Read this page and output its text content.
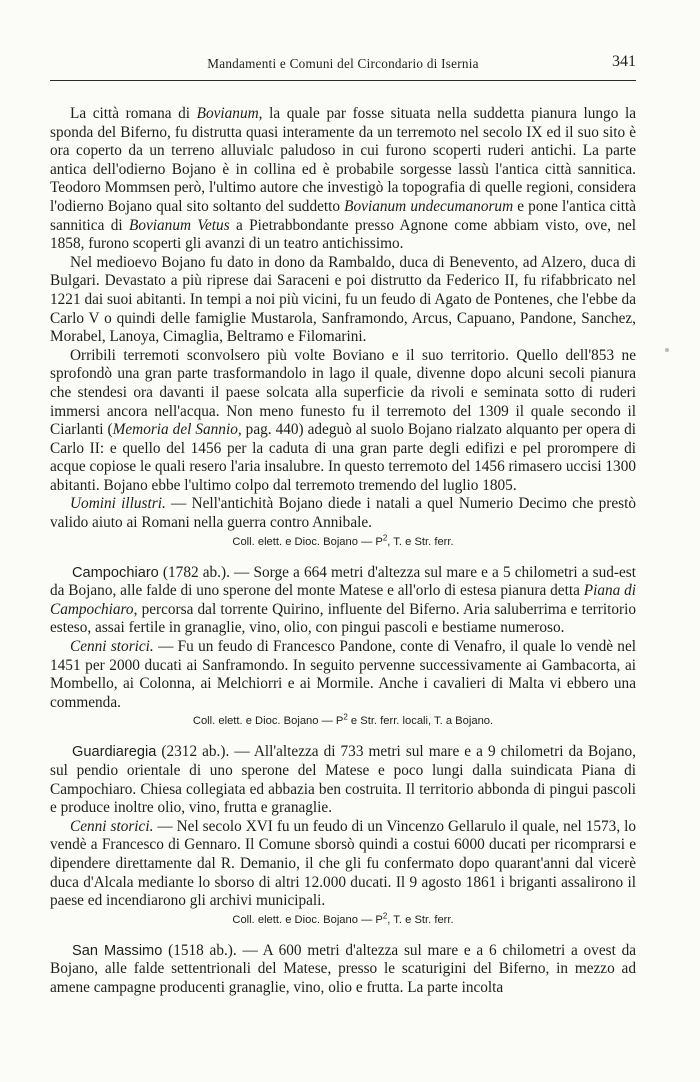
Mandamenti e Comuni del Circondario di Isernia	341

La città romana di Bovianum, la quale par fosse situata nella suddetta pianura lungo la sponda del Biferno, fu distrutta quasi interamente da un terremoto nel secolo IX ed il suo sito è ora coperto da un terreno alluvialc paludoso in cui furono scoperti ruderi antichi. La parte antica dell'odierno Bojano è in collina ed è probabile sorgesse lassù l'antica città sannitica. Teodoro Mommsen però, l'ultimo autore che investigò la topografia di quelle regioni, considera l'odierno Bojano qual sito soltanto del suddetto Bovianum undecumanorum e pone l'antica città sannitica di Bovianum Vetus a Pietrabbondante presso Agnone come abbiam visto, ove, nel 1858, furono scoperti gli avanzi di un teatro antichissimo.

Nel medioevo Bojano fu dato in dono da Rambaldo, duca di Benevento, ad Alzero, duca di Bulgari. Devastato a più riprese dai Saraceni e poi distrutto da Federico II, fu rifabbricato nel 1221 dai suoi abitanti. In tempi a noi più vicini, fu un feudo di Agato de Pontenes, che l'ebbe da Carlo V o quindi delle famiglie Mustarola, Sanframondo, Arcus, Capuano, Pandone, Sanchez, Morabel, Lanoya, Cimaglia, Beltramo e Filomarini.

Orribili terremoti sconvolsero più volte Boviano e il suo territorio. Quello dell'853 ne sprofondò una gran parte trasformandolo in lago il quale, divenne dopo alcuni secoli pianura che stendesi ora davanti il paese solcata alla superficie da rivoli e seminata sotto di ruderi immersi ancora nell'acqua. Non meno funesto fu il terremoto del 1309 il quale secondo il Ciarlanti (Memoria del Sannio, pag. 440) adeguò al suolo Bojano rialzato alquanto per opera di Carlo II: e quello del 1456 per la caduta di una gran parte degli edifizi e pel prorompere di acque copiose le quali resero l'aria insalubre. In questo terremoto del 1456 rimasero uccisi 1300 abitanti. Bojano ebbe l'ultimo colpo dal terremoto tremendo del luglio 1805.

Uomini illustri. — Nell'antichità Bojano diede i natali a quel Numerio Decimo che prestò valido aiuto ai Romani nella guerra contro Annibale.

Coll. elett. e Dioc. Bojano — $P^2$, T. e Str. ferr.

Campochiaro (1782 ab.). — Sorge a 664 metri d'altezza sul mare e a 5 chilometri a sud-est da Bojano, alle falde di uno sperone del monte Matese e all'orlo di estesa pianura detta Piana di Campochiaro, percorsa dal torrente Quirino, influente del Biferno. Aria saluberrima e territorio esteso, assai fertile in granaglie, vino, olio, con pingui pascoli e bestiame numeroso.

Cenni storici. — Fu un feudo di Francesco Pandone, conte di Venafro, il quale lo vendè nel 1451 per 2000 ducati ai Sanframondo. In seguito pervenne successivamente ai Gambacorta, ai Mombello, ai Colonna, ai Melchiorri e ai Mormile. Anche i cavalieri di Malta vi ebbero una commenda.

Coll. elett. e Dioc. Bojano — $P^2$ e Str. ferr. locali, T. a Bojano.

Guardiaregia (2312 ab.). — All'altezza di 733 metri sul mare e a 9 chilometri da Bojano, sul pendio orientale di uno sperone del Matese e poco lungi dalla suindicata Piana di Campochiaro. Chiesa collegiata ed abbazia ben costruita. Il territorio abbonda di pingui pascoli e produce inoltre olio, vino, frutta e granaglie.

Cenni storici. — Nel secolo XVI fu un feudo di un Vincenzo Gellarulo il quale, nel 1573, lo vendè a Francesco di Gennaro. Il Comune sborsò quindi a costui 6000 ducati per ricomprarsi e dipendere direttamente dal R. Demanio, il che gli fu confermato dopo quarant'anni dal vicerè duca d'Alcala mediante lo sborso di altri 12.000 ducati. Il 9 agosto 1861 i briganti assalirono il paese ed incendiarono gli archivi municipali.

Coll. elett. e Dioc. Bojano — $P^2$, T. e Str. ferr.

San Massimo (1518 ab.). — A 600 metri d'altezza sul mare e a 6 chilometri a ovest da Bojano, alle falde settentrionali del Matese, presso le scaturigini del Biferno, in mezzo ad amene campagne producenti granaglie, vino, olio e frutta. La parte incolta
